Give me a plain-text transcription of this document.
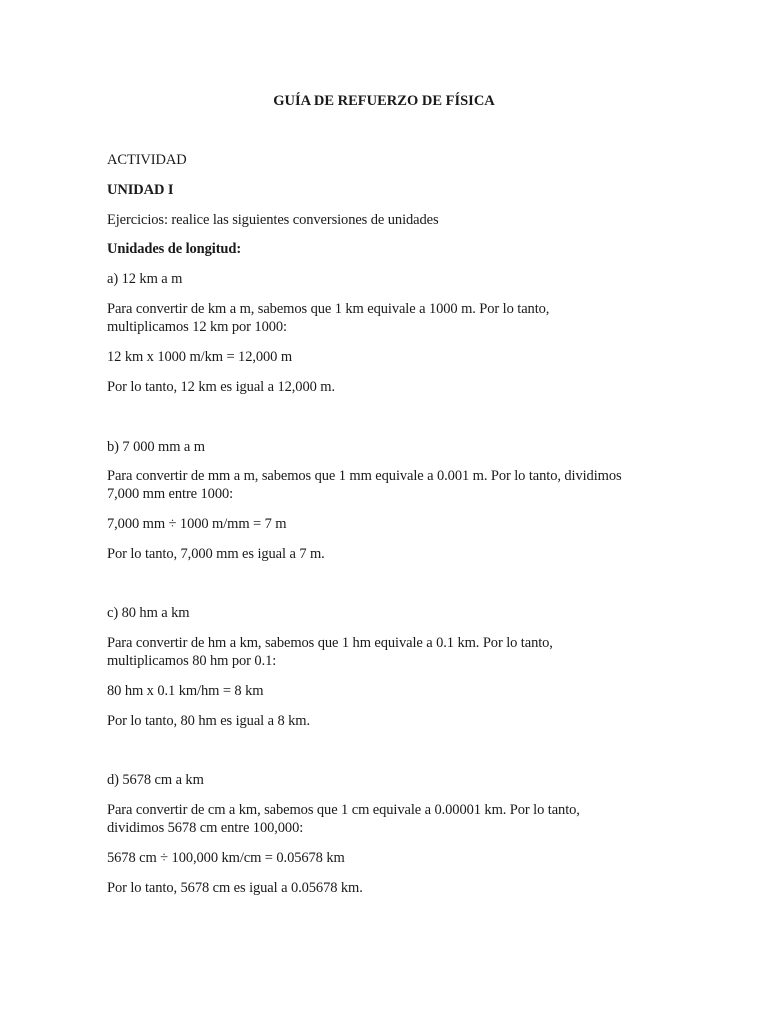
GUÍA DE REFUERZO DE FÍSICA
ACTIVIDAD
UNIDAD I
Ejercicios: realice las siguientes conversiones de unidades
Unidades de longitud:
a) 12 km a m
Para convertir de km a m, sabemos que 1 km equivale a 1000 m. Por lo tanto,
multiplicamos 12 km por 1000:
12 km x 1000 m/km = 12,000 m
Por lo tanto, 12 km es igual a 12,000 m.
b) 7 000 mm a m
Para convertir de mm a m, sabemos que 1 mm equivale a 0.001 m. Por lo tanto, dividimos
7,000 mm entre 1000:
7,000 mm ÷ 1000 m/mm = 7 m
Por lo tanto, 7,000 mm es igual a 7 m.
c) 80 hm a km
Para convertir de hm a km, sabemos que 1 hm equivale a 0.1 km. Por lo tanto,
multiplicamos 80 hm por 0.1:
80 hm x 0.1 km/hm = 8 km
Por lo tanto, 80 hm es igual a 8 km.
d) 5678 cm a km
Para convertir de cm a km, sabemos que 1 cm equivale a 0.00001 km. Por lo tanto,
dividimos 5678 cm entre 100,000:
5678 cm ÷ 100,000 km/cm = 0.05678 km
Por lo tanto, 5678 cm es igual a 0.05678 km.
